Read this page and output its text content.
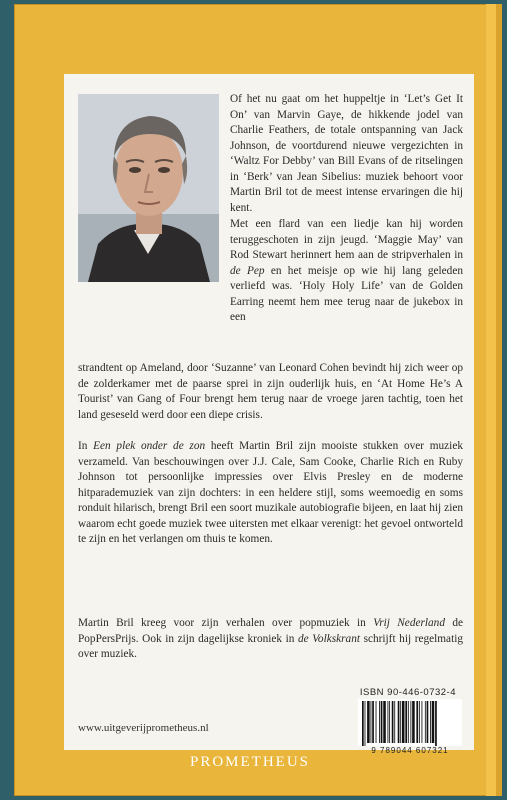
Of het nu gaat om het huppeltje in ‘Let’s Get It On’ van Marvin Gaye, de hikkende jodel van Charlie Feathers, de totale ontspanning van Jack Johnson, de voortdurend nieuwe vergezichten in ‘Waltz For Debby’ van Bill Evans of de ritselingen in ‘Berk’ van Jean Sibelius: muziek behoort voor Martin Bril tot de meest intense ervaringen die hij kent.

Met een flard van een liedje kan hij worden teruggeschoten in zijn jeugd. ‘Maggie May’ van Rod Stewart herinnert hem aan de stripverhalen in de Pep en het meisje op wie hij lang geleden verliefd was. ‘Holy Holy Life’ van de Golden Earring neemt hem mee terug naar de jukebox in een

strandtent op Ameland, door ‘Suzanne’ van Leonard Cohen bevindt hij zich weer op de zolderkamer met de paarse sprei in zijn ouderlijk huis, en ‘At Home He’s A Tourist’ van Gang of Four brengt hem terug naar de vroege jaren tachtig, toen het land geseseld werd door een diepe crisis.

In Een plek onder de zon heeft Martin Bril zijn mooiste stukken over muziek verzameld. Van beschouwingen over J.J. Cale, Sam Cooke, Charlie Rich en Ruby Johnson tot persoonlijke impressies over Elvis Presley en de moderne hitparademuziek van zijn dochters: in een heldere stijl, soms weemoedig en soms ronduit hilarisch, brengt Bril een soort muzikale autobiografie bijeen, en laat hij zien waarom echt goede muziek twee uitersten met elkaar verenigt: het gevoel ontworteld te zijn en het verlangen om thuis te komen.

Martin Bril kreeg voor zijn verhalen over popmuziek in Vrij Nederland de PopPersPrijs. Ook in zijn dagelijkse kroniek in de Volkskrant schrijft hij regelmatig over muziek.

ISBN 90-446-0732-4
9 789044 607321
www.uitgeverijprometheus.nl
PROMETHEUS
